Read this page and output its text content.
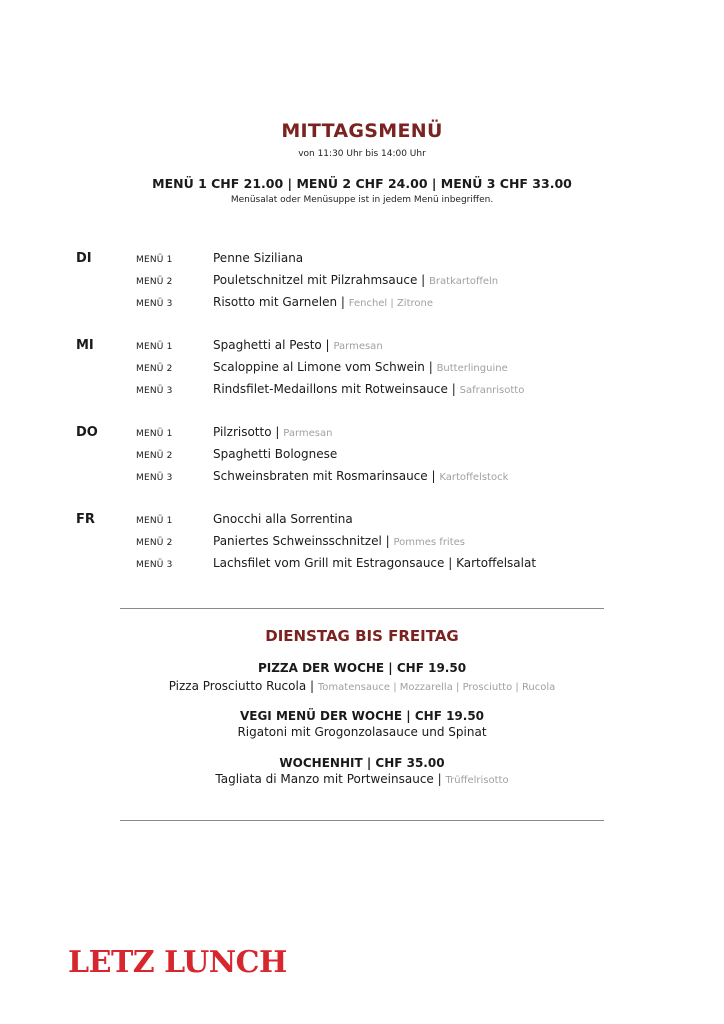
MITTAGSMENÜ
von 11:30 Uhr bis 14:00 Uhr
MENÜ 1 CHF 21.00 | MENÜ 2 CHF 24.00 | MENÜ 3 CHF 33.00
Menüsalat oder Menüsuppe ist in jedem Menü inbegriffen.
DI	MENÜ 1	Penne Siziliana
MENÜ 2	Pouletschnitzel mit Pilzrahmsauce | Bratkartoffeln
MENÜ 3	Risotto mit Garnelen | Fenchel | Zitrone
MI	MENÜ 1	Spaghetti al Pesto | Parmesan
MENÜ 2	Scaloppine al Limone vom Schwein | Butterlinguine
MENÜ 3	Rindsfilet-Medaillons mit Rotweinsauce | Safranrisotto
DO	MENÜ 1	Pilzrisotto | Parmesan
MENÜ 2	Spaghetti Bolognese
MENÜ 3	Schweinsbraten mit Rosmarinsauce | Kartoffelstock
FR	MENÜ 1	Gnocchi alla Sorrentina
MENÜ 2	Paniertes Schweinsschnitzel | Pommes frites
MENÜ 3	Lachsfilet vom Grill mit Estragonsauce | Kartoffelsalat
DIENSTAG BIS FREITAG
PIZZA DER WOCHE | CHF 19.50
Pizza Prosciutto Rucola | Tomatensauce | Mozzarella | Prosciutto | Rucola
VEGI MENÜ DER WOCHE | CHF 19.50
Rigatoni mit Grogonzolasauce und Spinat
WOCHENHIT | CHF 35.00
Tagliata di Manzo mit Portweinsauce | Trüffelrisotto
LETZ LUNCH
